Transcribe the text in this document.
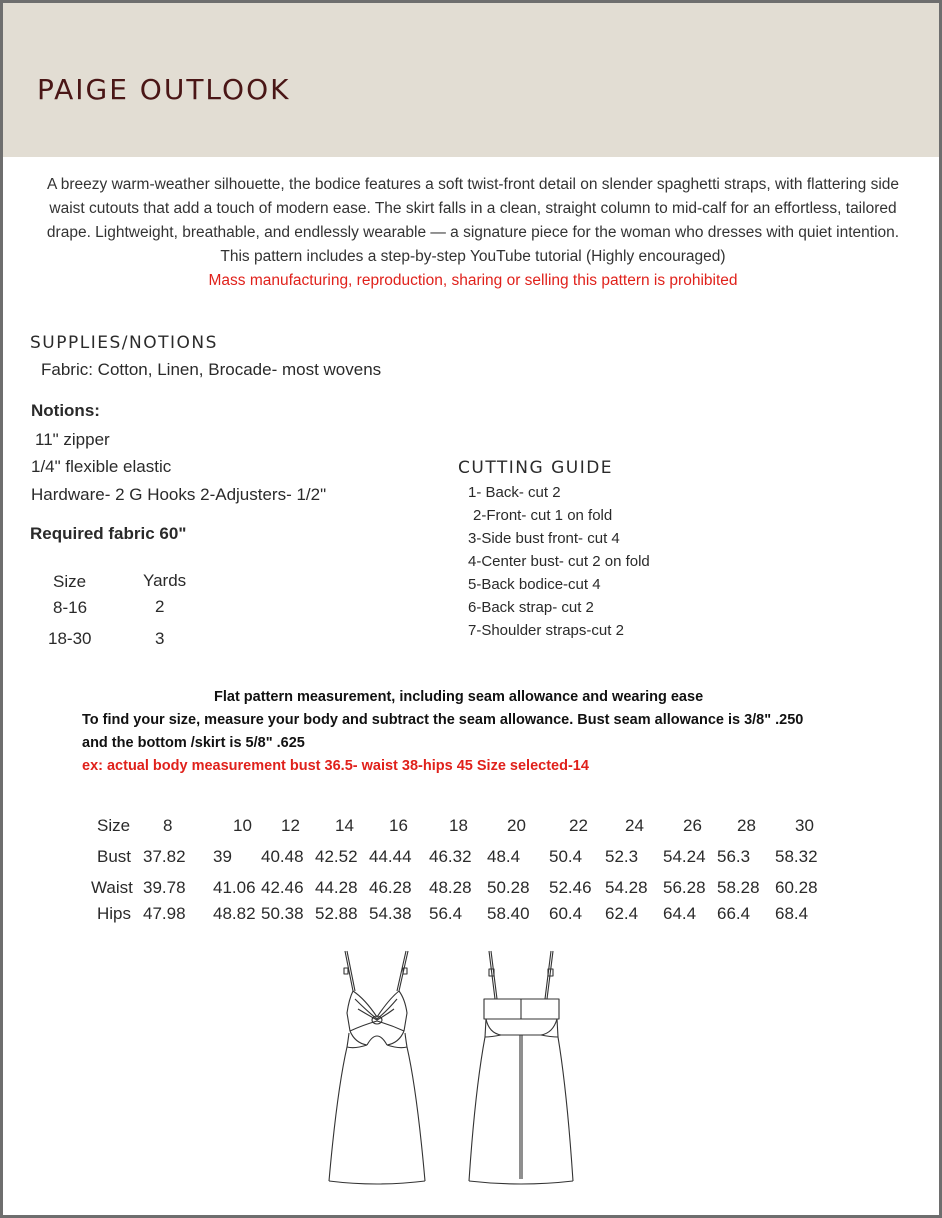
PAIGE OUTLOOK

A breezy warm-weather silhouette, the bodice features a soft twist-front detail on slender spaghetti straps, with flattering side waist cutouts that add a touch of modern ease. The skirt falls in a clean, straight column to mid-calf for an effortless, tailored drape. Lightweight, breathable, and endlessly wearable — a signature piece for the woman who dresses with quiet intention.

This pattern includes a step-by-step YouTube tutorial (Highly encouraged)

Mass manufacturing, reproduction, sharing or selling this pattern is prohibited

SUPPLIES/NOTIONS
Fabric: Cotton, Linen, Brocade- most wovens
Notions:
11" zipper
1/4" flexible elastic
Hardware- 2 G Hooks 2-Adjusters- 1/2"
Required fabric 60"
Size	Yards
8-16	2
18-30	3
CUTTING GUIDE
1- Back- cut 2
2-Front- cut 1 on fold
3-Side bust front- cut 4
4-Center bust- cut 2 on fold
5-Back bodice-cut 4
6-Back strap- cut 2
7-Shoulder straps-cut 2
Flat pattern measurement, including seam allowance and wearing ease
To find your size, measure your body and subtract the seam allowance. Bust seam allowance is 3/8" .250
and the bottom /skirt is 5/8" .625
ex: actual body measurement bust 36.5- waist 38-hips 45 Size selected-14
Size 8	10 12 14 16 18 20	22 24 26 28 30
Bust 37.82 39 40.48 42.52 44.44 46.32 48.4 50.4 52.3 54.24 56.3 58.32
Waist 39.78 41.06 42.46 44.28 46.28 48.28 50.28 52.46 54.28 56.28 58.28 60.28
Hips 47.98 48.82 50.38 52.88 54.38 56.4 58.40 60.4 62.4 64.4 66.4 68.4
